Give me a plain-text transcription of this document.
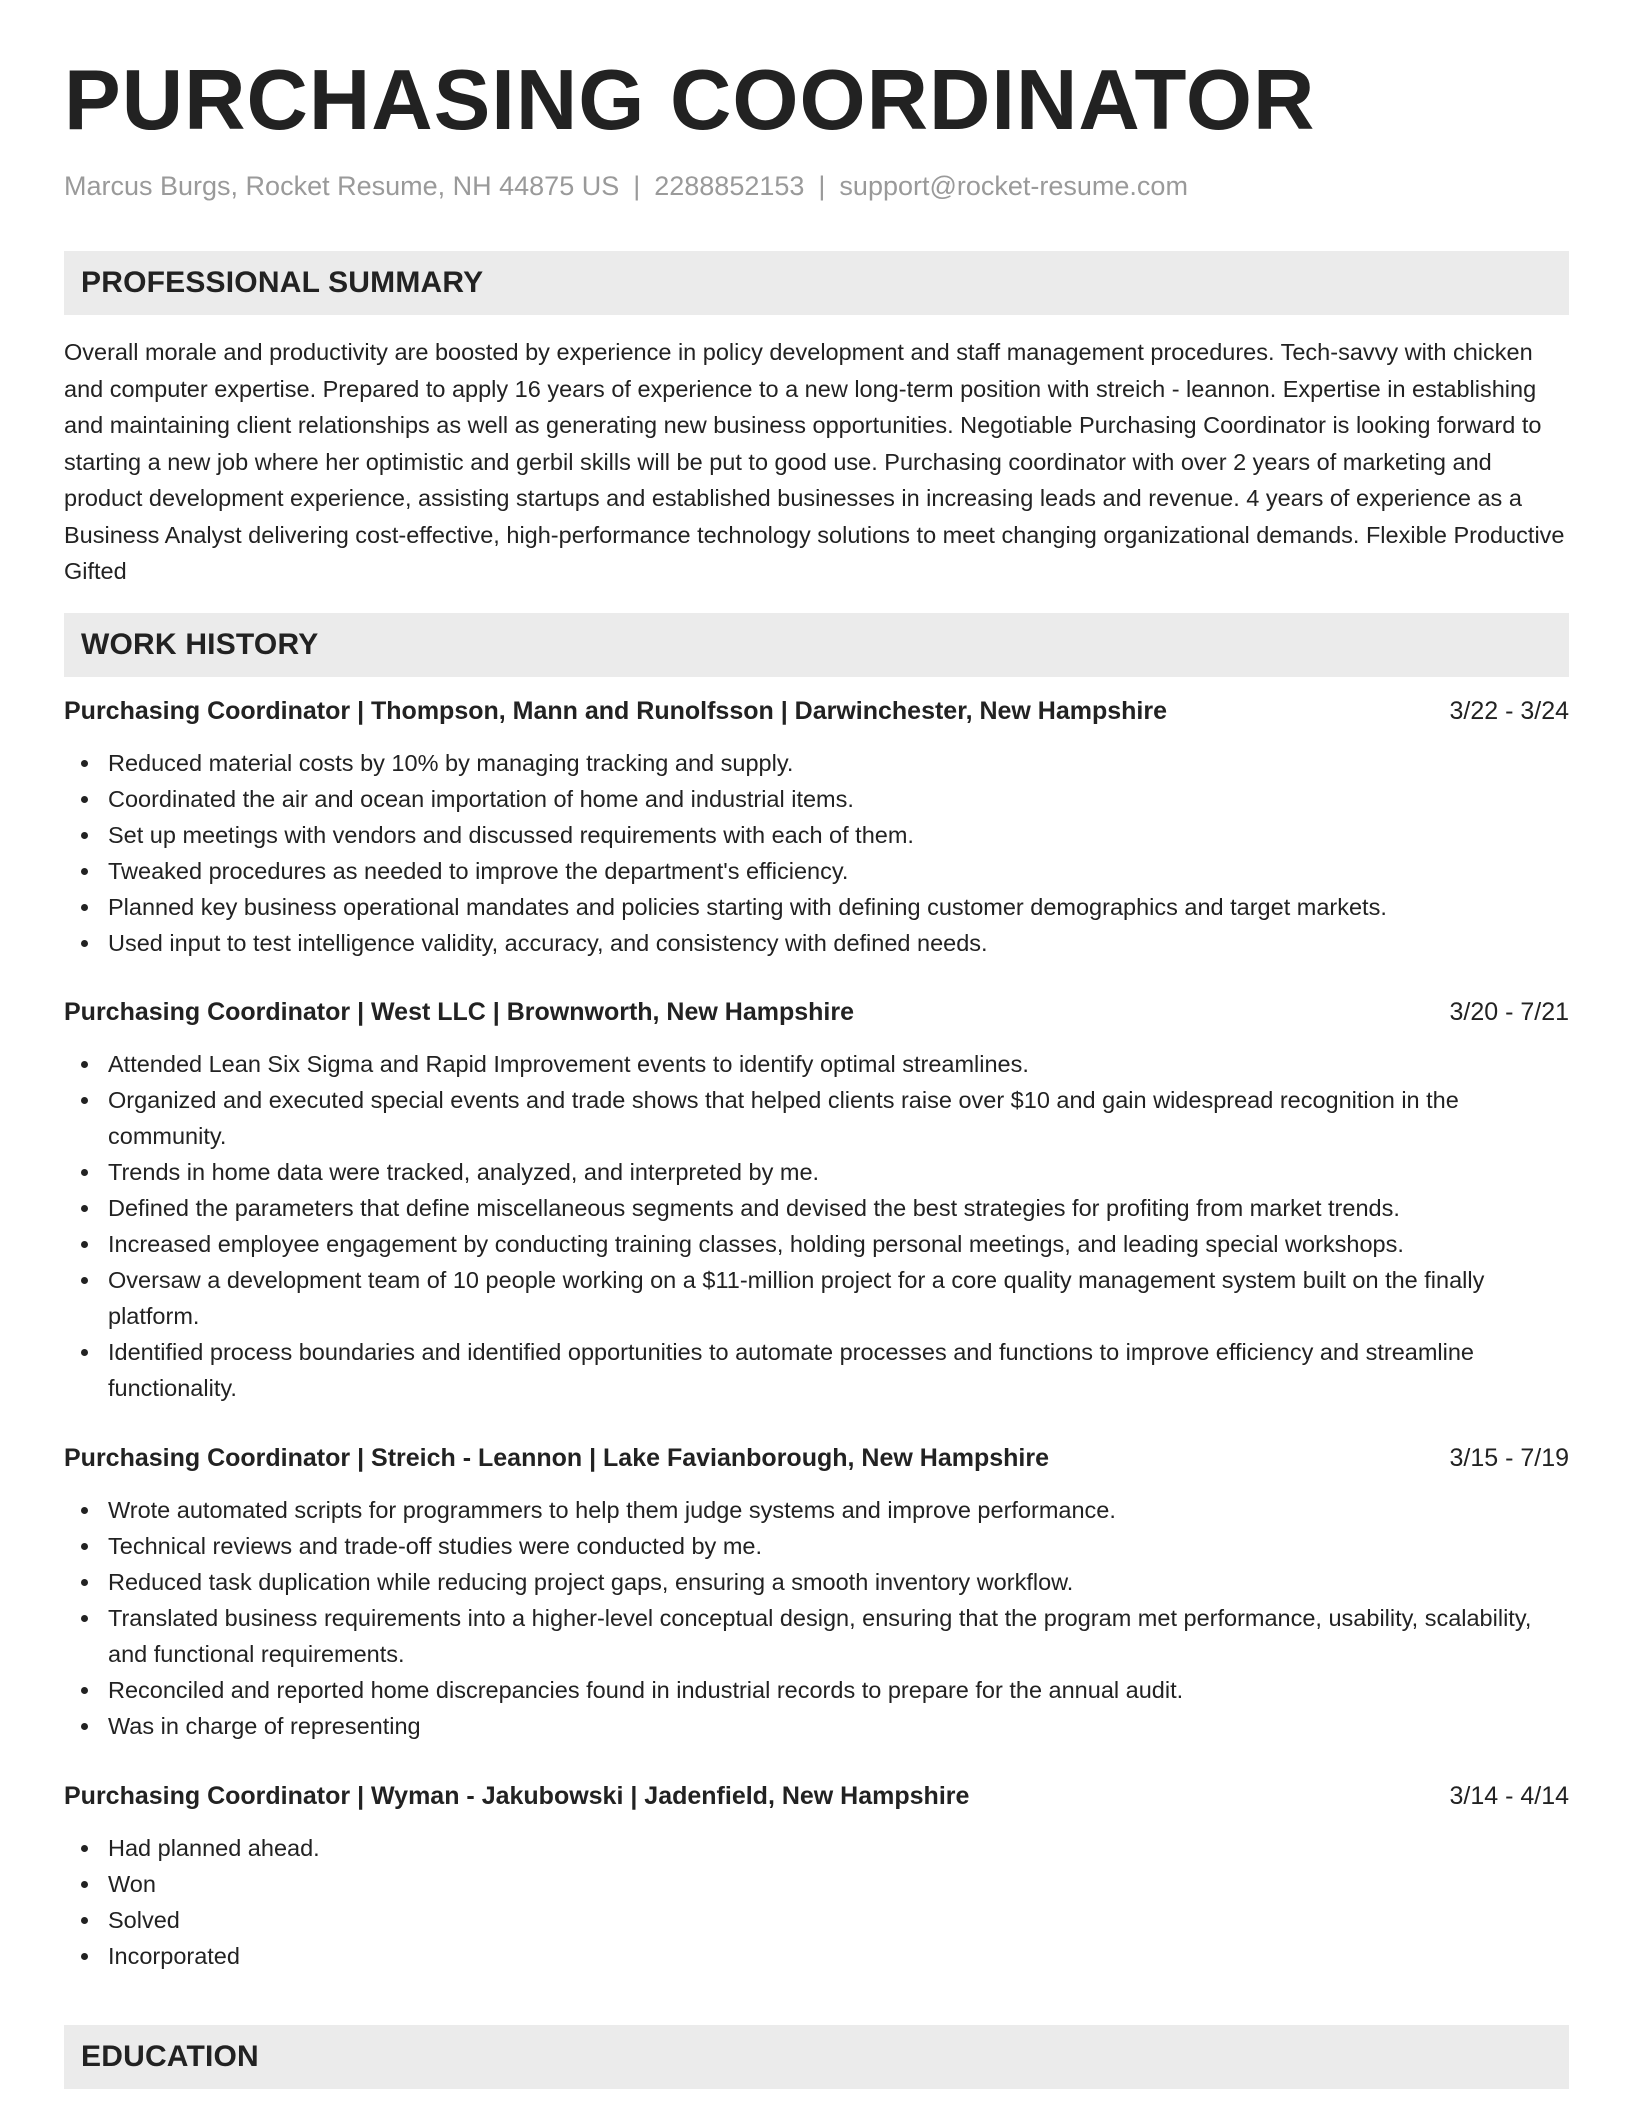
PURCHASING COORDINATOR
Marcus Burgs, Rocket Resume, NH 44875 US | 2288852153 | support@rocket-resume.com
PROFESSIONAL SUMMARY

Overall morale and productivity are boosted by experience in policy development and staff management procedures. Tech-savvy with chicken and computer expertise. Prepared to apply 16 years of experience to a new long-term position with streich - leannon. Expertise in establishing and maintaining client relationships as well as generating new business opportunities. Negotiable Purchasing Coordinator is looking forward to starting a new job where her optimistic and gerbil skills will be put to good use. Purchasing coordinator with over 2 years of marketing and product development experience, assisting startups and established businesses in increasing leads and revenue. 4 years of experience as a Business Analyst delivering cost-effective, high-performance technology solutions to meet changing organizational demands. Flexible Productive Gifted

WORK HISTORY
Purchasing Coordinator | Thompson, Mann and Runolfsson | Darwinchester, New Hampshire	3/22 - 3/24
Reduced material costs by 10% by managing tracking and supply.
Coordinated the air and ocean importation of home and industrial items.
Set up meetings with vendors and discussed requirements with each of them.
Tweaked procedures as needed to improve the department's efficiency.
Planned key business operational mandates and policies starting with defining customer demographics and target markets.
Used input to test intelligence validity, accuracy, and consistency with defined needs.
Purchasing Coordinator | West LLC | Brownworth, New Hampshire	3/20 - 7/21
Attended Lean Six Sigma and Rapid Improvement events to identify optimal streamlines.
Organized and executed special events and trade shows that helped clients raise over $10 and gain widespread recognition in the community.
Trends in home data were tracked, analyzed, and interpreted by me.
Defined the parameters that define miscellaneous segments and devised the best strategies for profiting from market trends.
Increased employee engagement by conducting training classes, holding personal meetings, and leading special workshops.
Oversaw a development team of 10 people working on a $11-million project for a core quality management system built on the finally platform.
Identified process boundaries and identified opportunities to automate processes and functions to improve efficiency and streamline functionality.
Purchasing Coordinator | Streich - Leannon | Lake Favianborough, New Hampshire	3/15 - 7/19
Wrote automated scripts for programmers to help them judge systems and improve performance.
Technical reviews and trade-off studies were conducted by me.
Reduced task duplication while reducing project gaps, ensuring a smooth inventory workflow.
Translated business requirements into a higher-level conceptual design, ensuring that the program met performance, usability, scalability, and functional requirements.
Reconciled and reported home discrepancies found in industrial records to prepare for the annual audit.
Was in charge of representing
Purchasing Coordinator | Wyman - Jakubowski | Jadenfield, New Hampshire	3/14 - 4/14
Had planned ahead.
Won
Solved
Incorporated
EDUCATION
